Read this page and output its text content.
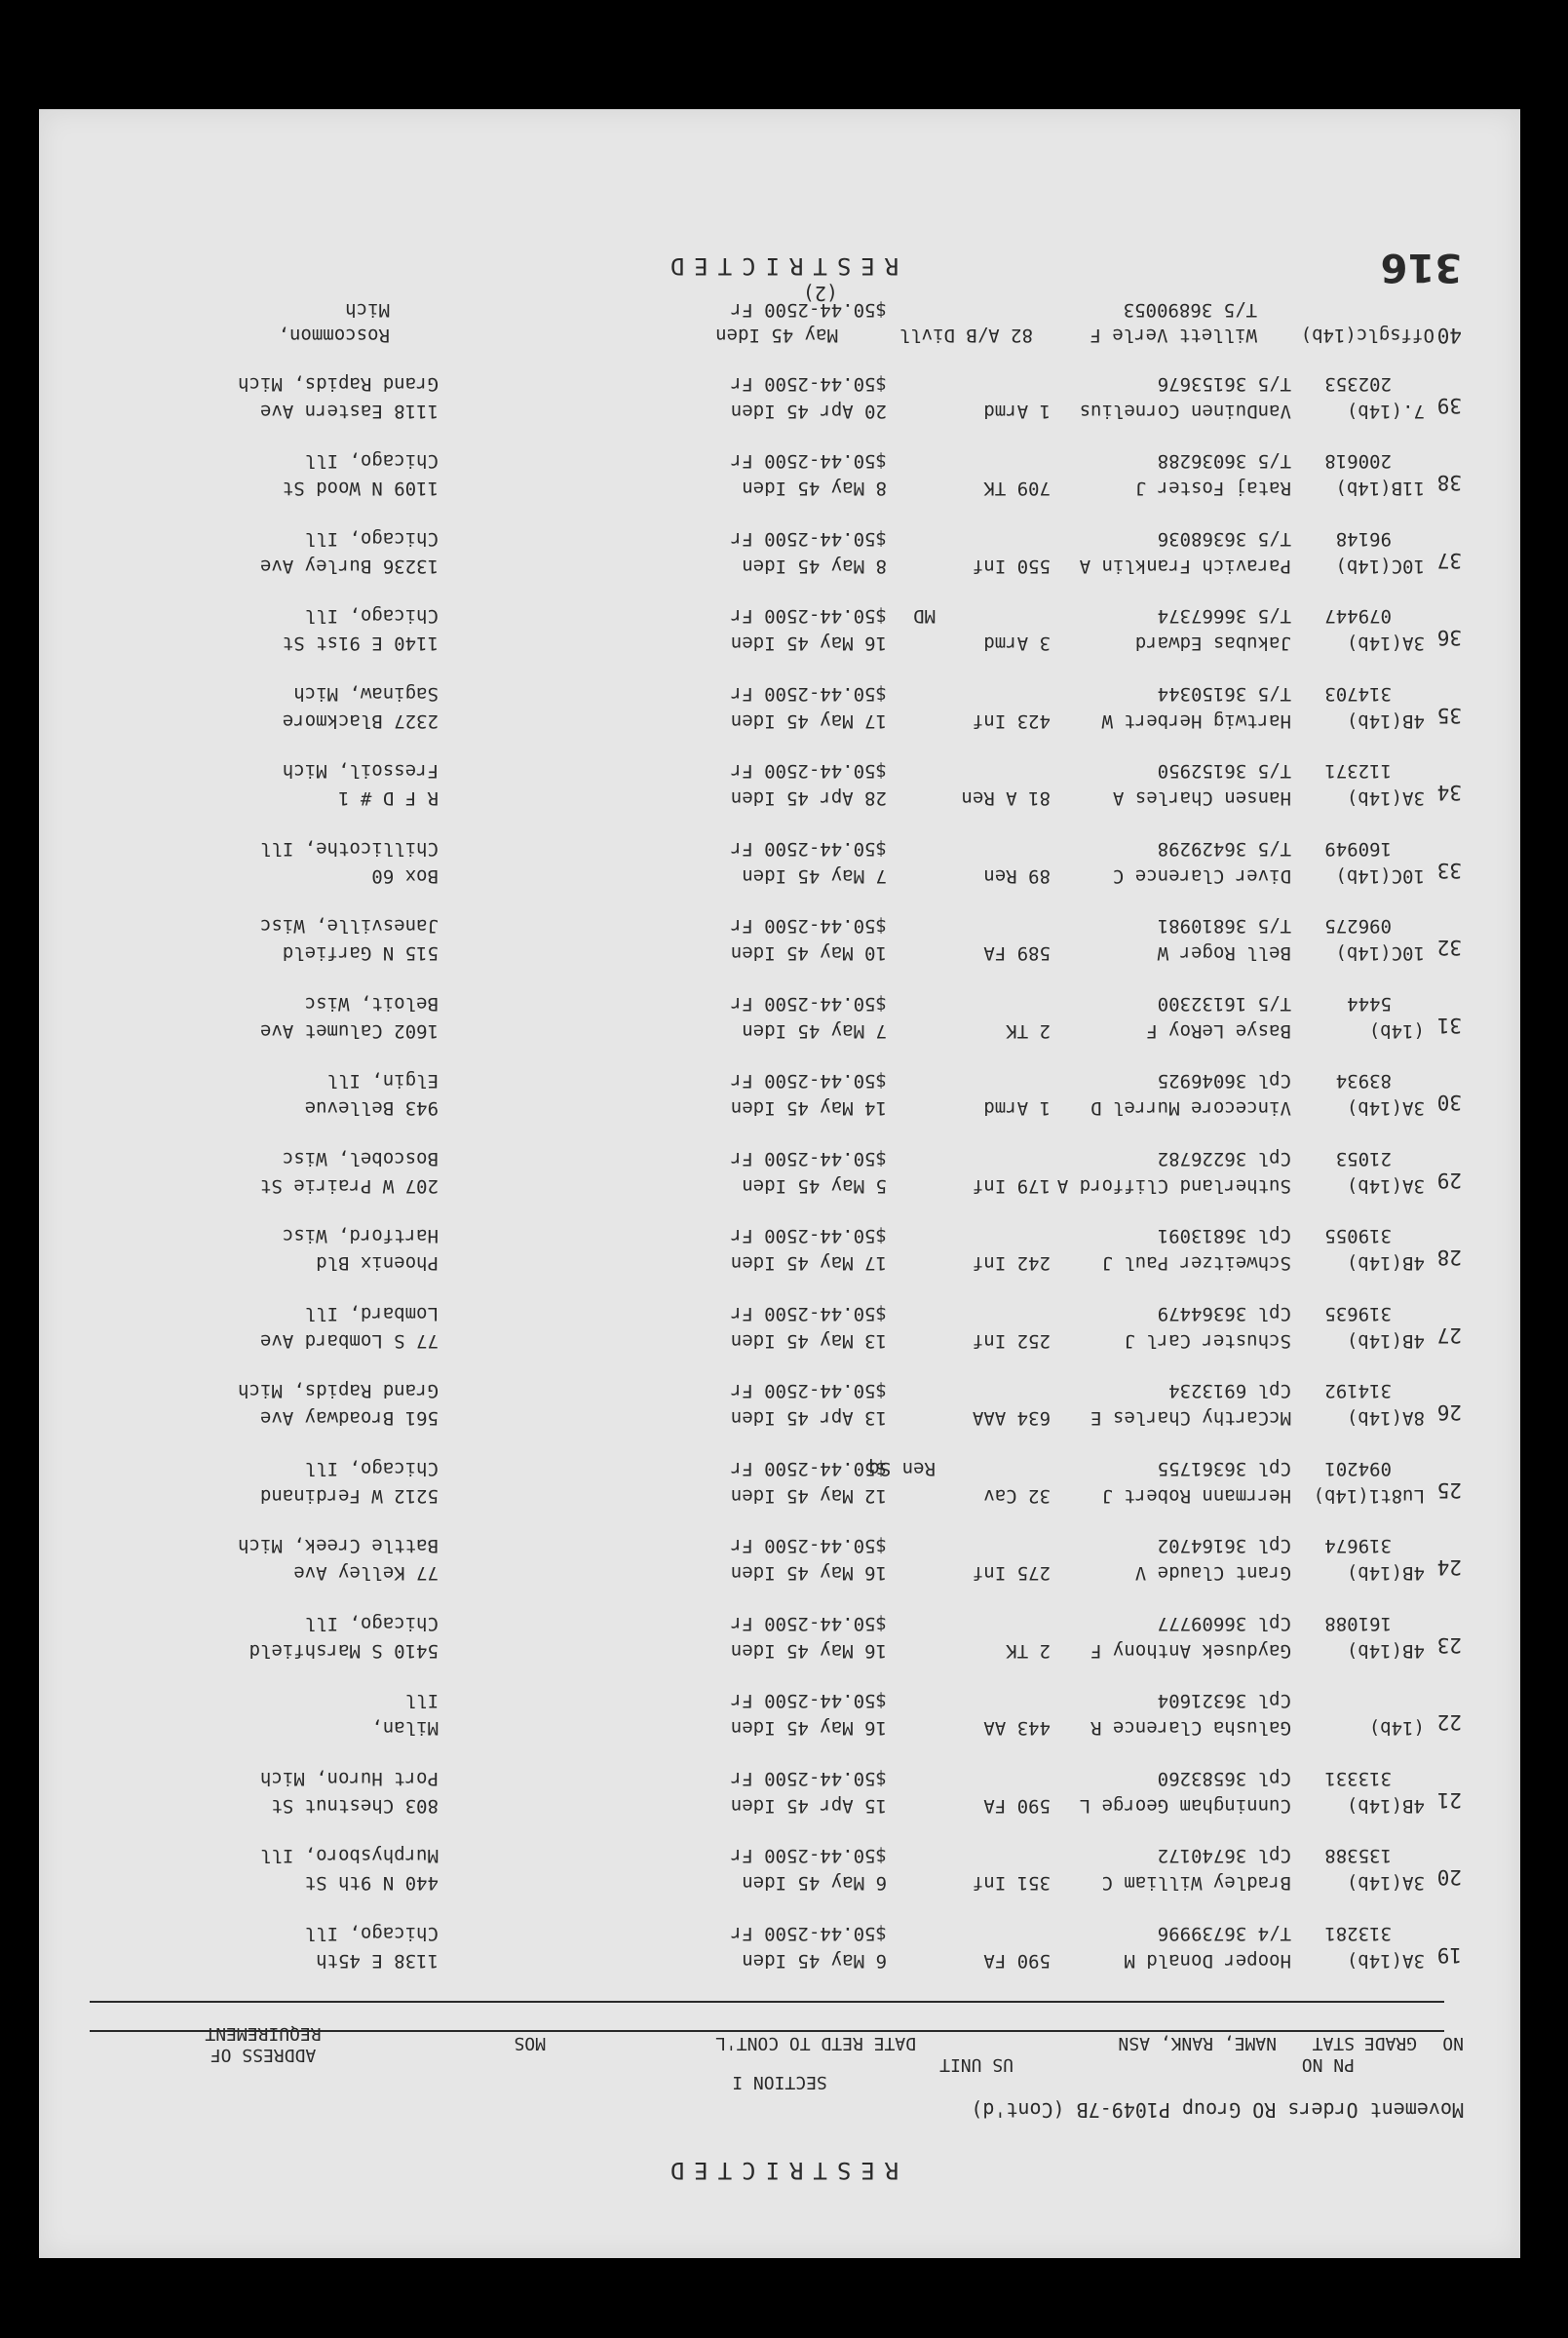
RESTRICTED
Movement Orders RO Group P1049-7B (Cont'd)
SECTION I
NO
GRADE
PN NO
STAT
NAME, RANK, ASN
US UNIT
DATE RETD TO CONT'L
MOS
ADDRESS OF REQUIREMENT
19
3A(14b)
313281
Hooper Donald M
T/4 36739996
590 FA
6 May 45 Iden
$50.44-2500 Fr
1138 E 45th
Chicago, Ill
20
3A(14b)
135388
Bradley William C
Cpl 36740172
351 Inf
6 May 45 Iden
$50.44-2500 Fr
440 N 9th St
Murphysboro, Ill
21
4B(14b)
313331
Cunningham George L
Cpl 36583260
590 FA
15 Apr 45 Iden
$50.44-2500 Fr
803 Chestnut St
Port Huron, Mich
22
(14b)
Galusha Clarence R
Cpl 36321604
443 AA
16 May 45 Iden
$50.44-2500 Fr
Milan,
Ill
23
4B(14b)
161088
Gaydusek Anthony F
Cpl 36609777
2 TK
16 May 45 Iden
$50.44-2500 Fr
5410 S Marshfield
Chicago, Ill
24
4B(14b)
319674
Grant Claude V
Cpl 36164702
275 Inf
16 May 45 Iden
$50.44-2500 Fr
77 Kelley Ave
Battle Creek, Mich
25
Lu8t1(14b)
094201
Herrmann Robert J
Cpl 36361755
32 Cav
Ren Sq
12 May 45 Iden
$50.44-2500 Fr
5212 W Ferdinand
Chicago, Ill
26
8A(14b)
314192
McCarthy Charles E
Cpl 6913234
634 AAA
13 Apr 45 Iden
$50.44-2500 Fr
561 Broadway Ave
Grand Rapids, Mich
27
4B(14b)
319635
Schuster Carl J
Cpl 36364479
252 Inf
13 May 45 Iden
$50.44-2500 Fr
77 S Lombard Ave
Lombard, Ill
28
4B(14b)
319055
Schweitzer Paul J
Cpl 36813091
242 Inf
17 May 45 Iden
$50.44-2500 Fr
Phoenix Bld
Hartford, Wisc
29
3A(14b)
21053
Sutherland Clifford A
Cpl 36226782
179 Inf
5 May 45 Iden
$50.44-2500 Fr
207 W Prairie St
Boscobel, Wisc
30
3A(14b)
83934
Vincecore Murrel D
Cpl 36046925
1 Armd
14 May 45 Iden
$50.44-2500 Fr
943 Bellevue
Elgin, Ill
31
(14b)
5444
Basye LeRoy F
T/5 16132300
2 TK
7 May 45 Iden
$50.44-2500 Fr
1602 Calumet Ave
Beloit, Wisc
32
10C(14b)
096275
Bell Roger W
T/5 36810981
589 FA
10 May 45 Iden
$50.44-2500 Fr
515 N Garfield
Janesville, Wisc
33
10C(14b)
160949
Diver Clarence C
T/5 36429298
89 Ren
7 May 45 Iden
$50.44-2500 Fr
Box 60
Chillicothe, Ill
34
3A(14b)
112371
Hansen Charles A
T/5 36152950
81 A Ren
28 Apr 45 Iden
$50.44-2500 Fr
R F D # 1
Fressoil, Mich
35
4B(14b)
314703
Hartwig Herbert W
T/5 36150344
423 Inf
17 May 45 Iden
$50.44-2500 Fr
2327 Blackmore
Saginaw, Mich
36
3A(14b)
079447
Jakubas Edward
T/5 36667374
3 Armd
MD
16 May 45 Iden
$50.44-2500 Fr
1140 E 91st St
Chicago, Ill
37
10C(14b)
96148
Paravich Franklin A
T/5 36368036
550 Inf
8 May 45 Iden
$50.44-2500 Fr
13236 Burley Ave
Chicago, Ill
38
11B(14b)
200618
Rataj Foster J
T/5 36036288
709 TK
8 May 45 Iden
$50.44-2500 Fr
1109 N Wood St
Chicago, Ill
39
7.(14b)
202353
VanDuinen Cornelius
T/5 36153676
1 Armd
20 Apr 45 Iden
$50.44-2500 Fr
1118 Eastern Ave
Grand Rapids, Mich
40
Offsglc(14b)
Willett Verle F
T/5 36890053
82 A/B Divll
May 45 Iden
$50.44-2500 Fr
Roscommon,
Mich
RESTRICTED
(2)
316
